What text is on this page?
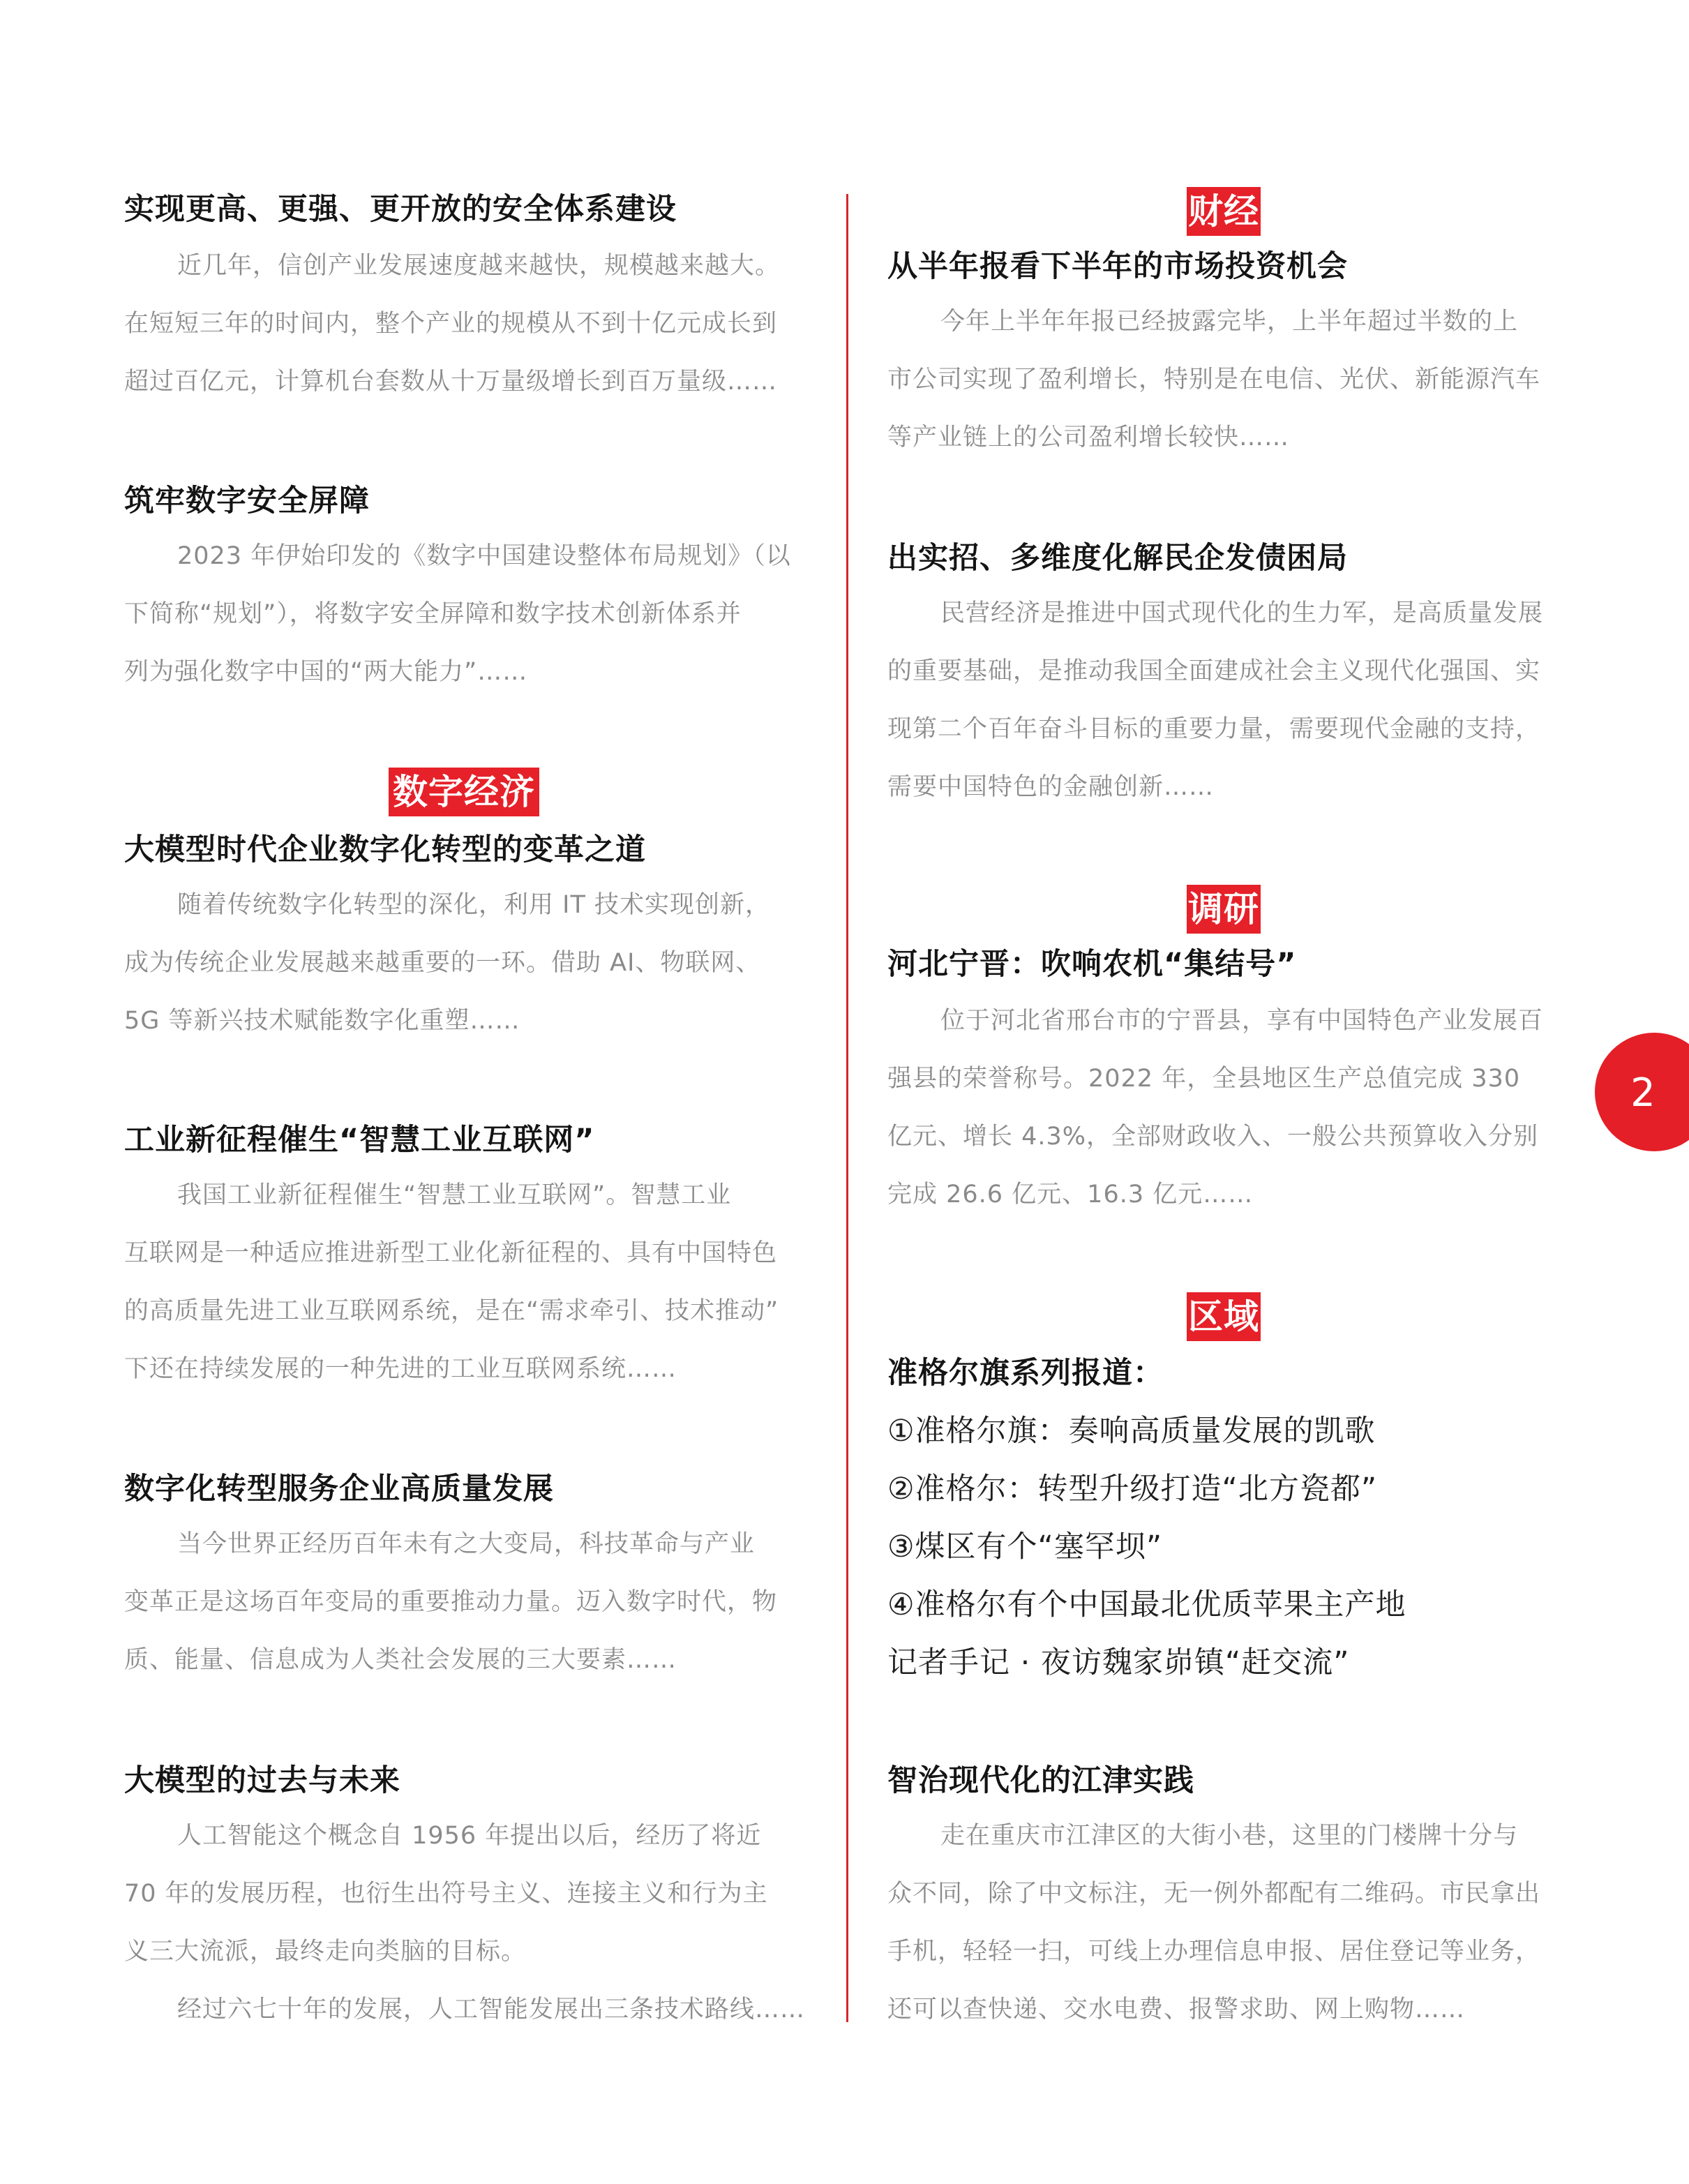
实现更高、更强、更开放的安全体系建设
近几年，信创产业发展速度越来越快，规模越来越大。
在短短三年的时间内，整个产业的规模从不到十亿元成长到
超过百亿元，计算机台套数从十万量级增长到百万量级……
筑牢数字安全屏障
2023 年伊始印发的《数字中国建设整体布局规划》（以
下简称“规划”），将数字安全屏障和数字技术创新体系并
列为强化数字中国的“两大能力”……
数字经济
大模型时代企业数字化转型的变革之道
随着传统数字化转型的深化，利用 IT 技术实现创新，
成为传统企业发展越来越重要的一环。借助 AI、物联网、
5G 等新兴技术赋能数字化重塑……
工业新征程催生“智慧工业互联网”
我国工业新征程催生“智慧工业互联网”。智慧工业
互联网是一种适应推进新型工业化新征程的、具有中国特色
的高质量先进工业互联网系统，是在“需求牵引、技术推动”
下还在持续发展的一种先进的工业互联网系统……
数字化转型服务企业高质量发展
当今世界正经历百年未有之大变局，科技革命与产业
变革正是这场百年变局的重要推动力量。迈入数字时代，物
质、能量、信息成为人类社会发展的三大要素……
大模型的过去与未来
人工智能这个概念自 1956 年提出以后，经历了将近
70 年的发展历程，也衍生出符号主义、连接主义和行为主
义三大流派，最终走向类脑的目标。
经过六七十年的发展，人工智能发展出三条技术路线……
财经
从半年报看下半年的市场投资机会
今年上半年年报已经披露完毕，上半年超过半数的上
市公司实现了盈利增长，特别是在电信、光伏、新能源汽车
等产业链上的公司盈利增长较快……
出实招、多维度化解民企发债困局
民营经济是推进中国式现代化的生力军，是高质量发展
的重要基础，是推动我国全面建成社会主义现代化强国、实
现第二个百年奋斗目标的重要力量，需要现代金融的支持，
需要中国特色的金融创新……
调研
河北宁晋：吹响农机“集结号”
位于河北省邢台市的宁晋县，享有中国特色产业发展百
强县的荣誉称号。2022 年，全县地区生产总值完成 330
亿元、增长 4.3%，全部财政收入、一般公共预算收入分别
完成 26.6 亿元、16.3 亿元……
区域
准格尔旗系列报道：
①准格尔旗：奏响高质量发展的凯歌
②准格尔：转型升级打造“北方瓷都”
③煤区有个“塞罕坝”
④准格尔有个中国最北优质苹果主产地
记者手记 · 夜访魏家峁镇“赶交流”
智治现代化的江津实践
走在重庆市江津区的大街小巷，这里的门楼牌十分与
众不同，除了中文标注，无一例外都配有二维码。市民拿出
手机，轻轻一扫，可线上办理信息申报、居住登记等业务，
还可以查快递、交水电费、报警求助、网上购物……
2
